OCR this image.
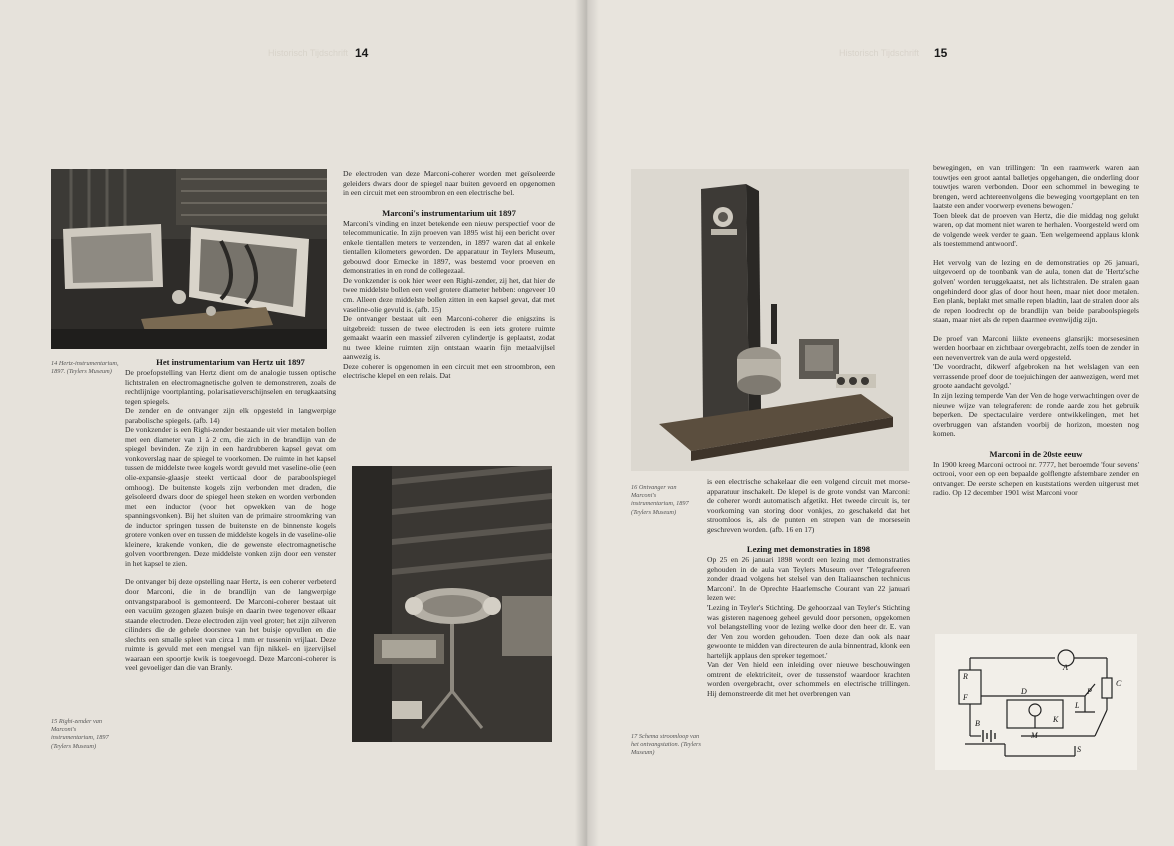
Historisch Tijdschrift 14
14 Hertz-instrumentarium, 1897. (Teylers Museum)
Het instrumentarium van Hertz uit 1897

De proefopstelling van Hertz dient om de analogie tussen optische lichtstralen en electromagnetische golven te demonstreren, zoals de rechtlijnige voortplanting, polarisatieverschijnselen en terugkaatsing tegen spiegels.

De zender en de ontvanger zijn elk opgesteld in langwerpige parabolische spiegels. (afb. 14)

De vonkzender is een Righi-zender bestaande uit vier metalen bollen met een diameter van 1 à 2 cm, die zich in de brandlijn van de spiegel bevinden. Ze zijn in een hardrubberen kapsel gevat om vonkoverslag naar de spiegel te voorkomen. De ruimte in het kapsel tussen de middelste twee kogels wordt gevuld met vaseline-olie (een olie-expansie-glaasje steekt verticaal door de paraboolspiegel omhoog). De buitenste kogels zijn verbonden met draden, die geïsoleerd dwars door de spiegel heen steken en worden verbonden met een inductor (voor het opwekken van de hoge spanningsvonken). Bij het sluiten van de primaire stroomkring van de inductor springen tussen de buitenste en de binnenste kogels grotere vonken over en tussen de middelste kogels in de vaseline-olie kleinere, krakende vonken, die de gewenste electromagnetische golven voortbrengen. Deze middelste vonken zijn door een venster in het kapsel te zien.

De ontvanger bij deze opstelling naar Hertz, is een coherer verbeterd door Marconi, die in de brandlijn van de langwerpige ontvangstparabool is gemonteerd. De Marconi-coherer bestaat uit een vacuüm gezogen glazen buisje en daarin twee tegenover elkaar staande electroden. Deze electroden zijn veel groter; het zijn zilveren cilinders die de gehele doorsnee van het buisje opvullen en die slechts een smalle spleet van circa 1 mm er tussenin vrijlaat. Deze ruimte is gevuld met een mengsel van fijn nikkel- en ijzervijlsel waaraan een spoortje kwik is toegevoegd. Deze Marconi-coherer is veel gevoeliger dan die van Branly.

15 Righi-zender van Marconi's instrumentarium, 1897 (Teylers Museum)

De electroden van deze Marconi-coherer worden met geïsoleerde geleiders dwars door de spiegel naar buiten gevoerd en opgenomen in een circuit met een stroombron en een electrische bel.

Marconi's instrumentarium uit 1897

Marconi's vinding en inzet betekende een nieuw perspectief voor de telecommunicatie. In zijn proeven van 1895 wist hij een bericht over enkele tientallen meters te verzenden, in 1897 waren dat al enkele tientallen kilometers geworden. De apparatuur in Teylers Museum, gebouwd door Ernecke in 1897, was bestemd voor proeven en demonstraties in en rond de collegezaal.

De vonkzender is ook hier weer een Righi-zender, zij het, dat hier de twee middelste bollen een veel grotere diameter hebben: ongeveer 10 cm. Alleen deze middelste bollen zitten in een kapsel gevat, dat met vaseline-olie gevuld is. (afb. 15)

De ontvanger bestaat uit een Marconi-coherer die enigszins is uitgebreid: tussen de twee electroden is een iets grotere ruimte gemaakt waarin een massief zilveren cylindertje is geplaatst, zodat nu twee kleine ruimten zijn ontstaan waarin fijn metaalvijlsel aanwezig is.

Deze coherer is opgenomen in een circuit met een stroombron, een electrische klepel en een relais. Dat

Historisch Tijdschrift 15
16 Ontvanger van Marconi's instrumentarium, 1897 (Teylers Museum)

is een electrische schakelaar die een volgend circuit met morse-apparatuur inschakelt. De klepel is de grote vondst van Marconi: de coherer wordt automatisch afgetikt. Het tweede circuit is, ter voorkoming van storing door vonkjes, zo geschakeld dat het stroomloos is, als de punten en strepen van de morsesein geschreven worden. (afb. 16 en 17)

Lezing met demonstraties in 1898

Op 25 en 26 januari 1898 wordt een lezing met demonstraties gehouden in de aula van Teylers Museum over 'Telegrafeeren zonder draad volgens het stelsel van den Italiaanschen technicus Marconi'. In de Oprechte Haarlemsche Courant van 22 januari lezen we:

'Lezing in Teyler's Stichting. De gehoorzaal van Teyler's Stichting was gisteren nagenoeg geheel gevuld door personen, opgekomen vol belangstelling voor de lezing welke door den heer dr. E. van der Ven zou worden gehouden. Toen deze dan ook als naar gewoonte te midden van directeuren de aula binnentrad, klonk een hartelijk applaus den spreker tegemoet.'

Van der Ven hield een inleiding over nieuwe beschouwingen omtrent de elektriciteit, over de tussenstof waardoor krachten worden overgebracht, over schommels en electrische trillingen. Hij demonstreerde dit met het overbrengen van

17 Schema stroomloop van het ontvangstation. (Teylers Museum)

bewegingen, en van trillingen: 'In een raamwerk waren aan touwtjes een groot aantal balletjes opgehangen, die onderling door touwtjes waren verbonden. Door een schommel in beweging te brengen, werd achtereenvolgens die beweging voortgeplant en ten laatste een ander voorwerp evenens bewogen.'

Toen bleek dat de proeven van Hertz, die die middag nog gelukt waren, op dat moment niet waren te herhalen. Voorgesteld werd om de volgende week verder te gaan. 'Een welgemeend applaus klonk als toestemmend antwoord'.

Het vervolg van de lezing en de demonstraties op 26 januari, uitgevoerd op de toonbank van de aula, tonen dat de 'Hertz'sche golven' worden teruggekaatst, net als lichtstralen. De stralen gaan ongehinderd door glas of door hout heen, maar niet door metalen. Een plank, beplakt met smalle repen bladtin, laat de stralen door als de repen loodrecht op de brandlijn van beide paraboolspiegels staan, maar niet als de repen daarmee evenwijdig zijn.

De proef van Marconi liikte eveneens glansrijk: morsesesinen werden hoorbaar en zichtbaar overgebracht, zelfs toen de zender in een nevenvertrek van de aula werd opgesteld.

'De voordracht, dikwerf afgebroken na het welslagen van een verrassende proef door de toejuichingen der aanwezigen, werd met groote aandacht gevolgd.'

In zijn lezing temperde Van der Ven de hoge verwachtingen over de nieuwe wijze van telegraferen: de ronde aarde zou het gebruik beperken. De spectaculaire verdere ontwikkelingen, met het overbruggen van afstanden voorbij de horizon, moesten nog komen.

Marconi in de 20ste eeuw

In 1900 kreeg Marconi octrooi nr. 7777, het beroemde 'four sevens' octrooi, voor een op een bepaalde golflengte afstembare zender en ontvanger. De eerste schepen en kuststations werden uitgerust met radio. Op 12 december 1901 wist Marconi voor

R
F
A
C
D	P
L
K
M
B
S
